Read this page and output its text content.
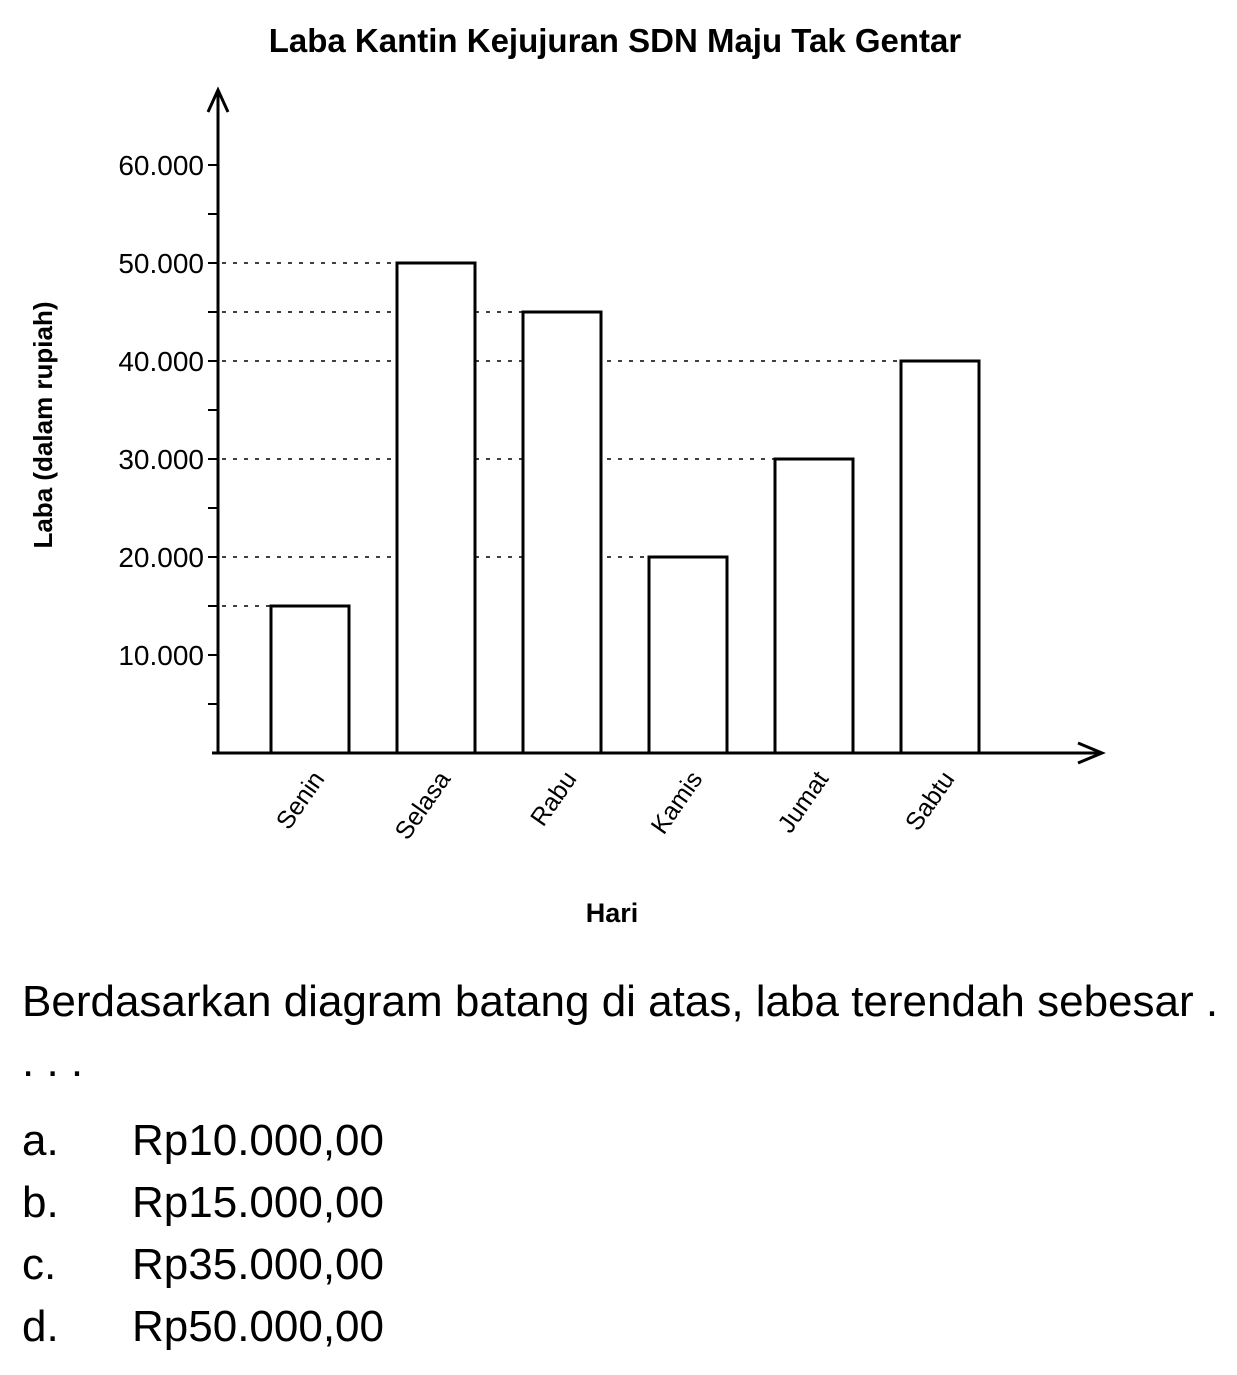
Laba Kantin Kejujuran SDN Maju Tak Gentar
Laba (dalam rupiah)
Hari
10.000
20.000
30.000
40.000
50.000
60.000
Senin Selasa	Rabu	Kamis	Jumat	Sabtu
Berdasarkan diagram batang di atas, laba terendah sebesar . . . .
a. Rp10.000,00
b. Rp15.000,00
c. Rp35.000,00
d. Rp50.000,00
